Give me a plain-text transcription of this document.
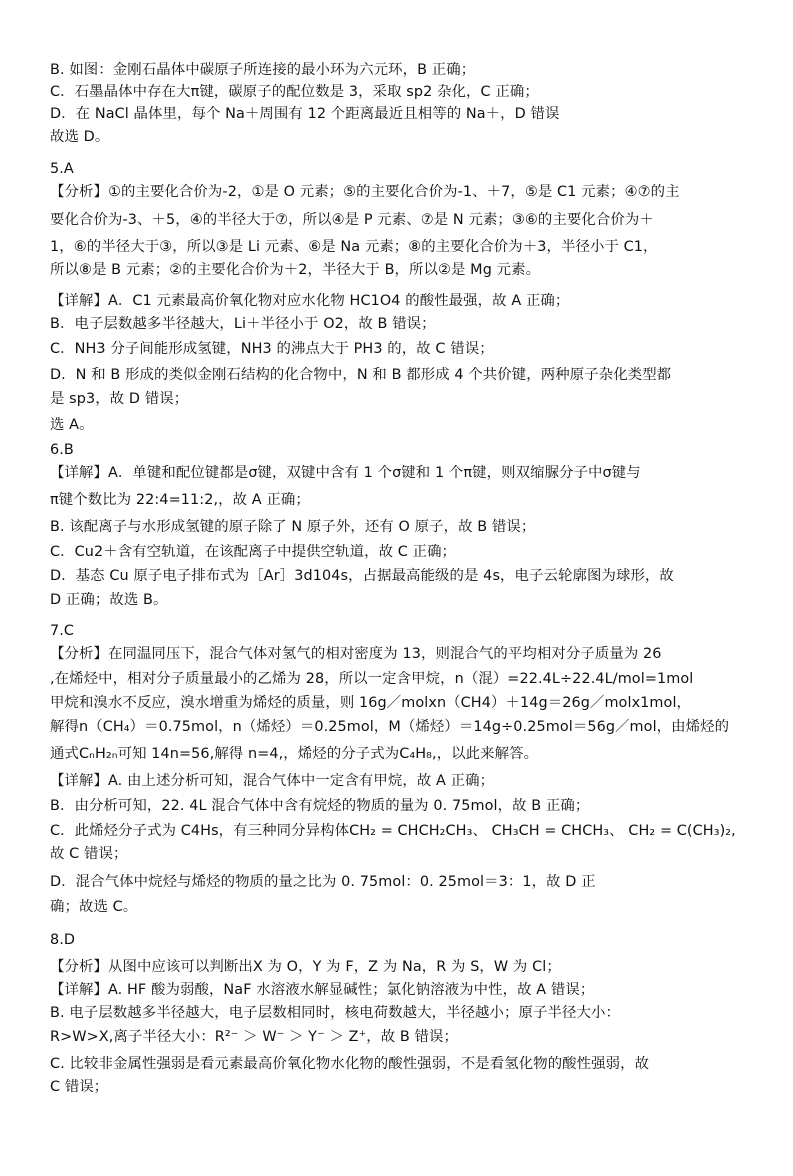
B. 如图：金刚石晶体中碳原子所连接的最小环为六元环，B 正确；
C．石墨晶体中存在大π键，碳原子的配位数是 3，采取 sp2 杂化，C 正确；
D．在 NaCl 晶体里，每个 Na＋周围有 12 个距离最近且相等的 Na＋，D 错误
故选 D。
5.A
【分析】①的主要化合价为-2，①是 O 元素；⑤的主要化合价为-1、＋7，⑤是 C1 元素；④⑦的主
要化合价为-3、＋5，④的半径大于⑦，所以④是 P 元素、⑦是 N 元素；③⑥的主要化合价为＋
1，⑥的半径大于③，所以③是 Li 元素、⑥是 Na 元素；⑧的主要化合价为＋3，半径小于 C1，
所以⑧是 B 元素；②的主要化合价为＋2，半径大于 B，所以②是 Mg 元素。
【详解】A．C1 元素最高价氧化物对应水化物 HC1O4 的酸性最强，故 A 正确；
B．电子层数越多半径越大，Li＋半径小于 O2，故 B 错误；
C．NH3 分子间能形成氢键，NH3 的沸点大于 PH3 的，故 C 错误；
D．N 和 B 形成的类似金刚石结构的化合物中，N 和 B 都形成 4 个共价键，两种原子杂化类型都
是 sp3，故 D 错误；
选 A。
6.B
【详解】A．单键和配位键都是σ键，双键中含有 1 个σ键和 1 个π键，则双缩脲分子中σ键与
π键个数比为 22:4=11:2,，故 A 正确；
B. 该配离子与水形成氢键的原子除了 N 原子外，还有 O 原子，故 B 错误；
C．Cu2＋含有空轨道，在该配离子中提供空轨道，故 C 正确；
D．基态 Cu 原子电子排布式为［Ar］3d104s，占据最高能级的是 4s，电子云轮廓图为球形，故
D 正确；故选 B。
7.C
【分析】在同温同压下，混合气体对氢气的相对密度为 13，则混合气的平均相对分子质量为 26
,在烯烃中，相对分子质量最小的乙烯为 28，所以一定含甲烷，n（混）=22.4L÷22.4L/mol=1mol
甲烷和溴水不反应，溴水增重为烯烃的质量，则 16g／molxn（CH4）＋14g＝26g／molx1mol，
解得n（CH₄）＝0.75mol，n（烯烃）＝0.25mol，M（烯烃）＝14g÷0.25mol＝56g／mol，由烯烃的
通式CₙH₂ₙ可知 14n=56,解得 n=4,，烯烃的分子式为C₄H₈,，以此来解答。
【详解】A. 由上述分析可知，混合气体中一定含有甲烷，故 A 正确；
B．由分析可知，22. 4L 混合气体中含有烷烃的物质的量为 0. 75mol，故 B 正确；
C．此烯烃分子式为 C4Hs，有三种同分异构体CH₂ = CHCH₂CH₃、 CH₃CH = CHCH₃、 CH₂ = C(CH₃)₂,
故 C 错误；
D．混合气体中烷烃与烯烃的物质的量之比为 0. 75mol：0. 25mol＝3：1，故 D 正
确；故选 C。
8.D
【分析】从图中应该可以判断出X 为 O，Y 为 F，Z 为 Na，R 为 S，W 为 Cl；
【详解】A. HF 酸为弱酸，NaF 水溶液水解显碱性；氯化钠溶液为中性，故 A 错误；
B. 电子层数越多半径越大，电子层数相同时，核电荷数越大，半径越小；原子半径大小：
R>W>X,离子半径大小：R²⁻ ＞ W⁻ ＞ Y⁻ ＞ Z⁺，故 B 错误；
C. 比较非金属性强弱是看元素最高价氧化物水化物的酸性强弱，不是看氢化物的酸性强弱，故
C 错误；
